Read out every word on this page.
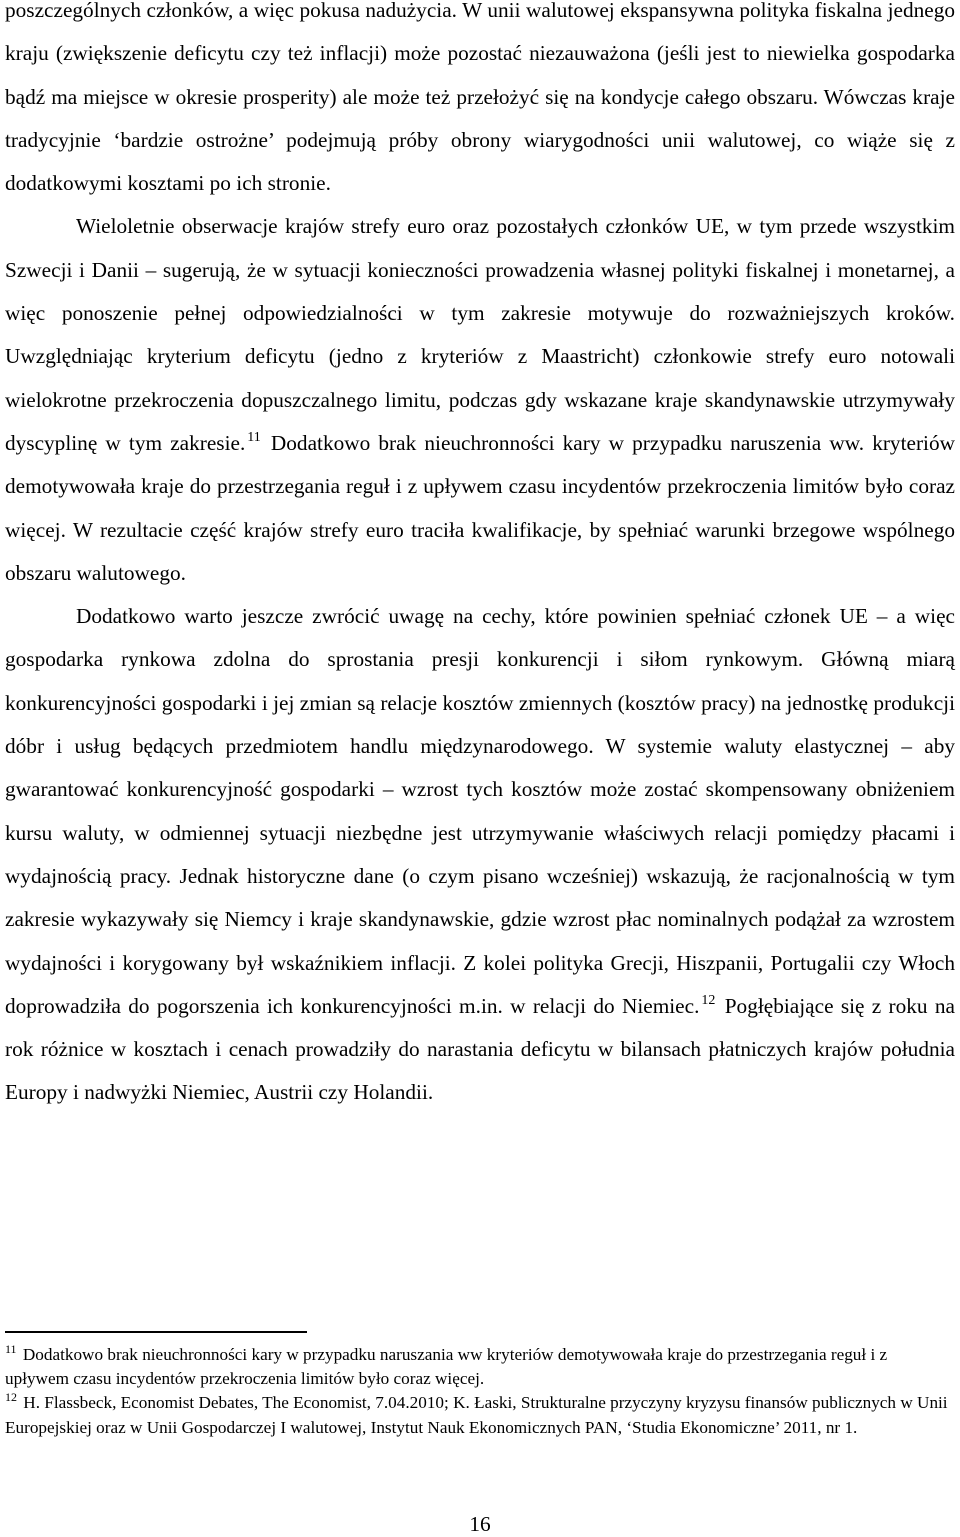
poszczególnych członków, a więc pokusa nadużycia. W unii walutowej ekspansywna polityka fiskalna jednego kraju (zwiększenie deficytu czy też inflacji) może pozostać niezauważona (jeśli jest to niewielka gospodarka bądź ma miejsce w okresie prosperity) ale może też przełożyć się na kondycje całego obszaru. Wówczas kraje tradycyjnie ‘bardzie ostrożne’ podejmują próby obrony wiarygodności unii walutowej, co wiąże się z dodatkowymi kosztami po ich stronie.

Wieloletnie obserwacje krajów strefy euro oraz pozostałych członków UE, w tym przede wszystkim Szwecji i Danii – sugerują, że w sytuacji konieczności prowadzenia własnej polityki fiskalnej i monetarnej, a więc ponoszenie pełnej odpowiedzialności w tym zakresie motywuje do rozważniejszych kroków. Uwzględniając kryterium deficytu (jedno z kryteriów z Maastricht) członkowie strefy euro notowali wielokrotne przekroczenia dopuszczalnego limitu, podczas gdy wskazane kraje skandynawskie utrzymywały dyscyplinę w tym zakresie. $^{11}$ Dodatkowo brak nieuchronności kary w przypadku naruszenia ww. kryteriów demotywowała kraje do przestrzegania reguł i z upływem czasu incydentów przekroczenia limitów było coraz więcej. W rezultacie część krajów strefy euro traciła kwalifikacje, by spełniać warunki brzegowe wspólnego obszaru walutowego.

Dodatkowo warto jeszcze zwrócić uwagę na cechy, które powinien spełniać członek UE – a więc gospodarka rynkowa zdolna do sprostania presji konkurencji i siłom rynkowym. Główną miarą konkurencyjności gospodarki i jej zmian są relacje kosztów zmiennych (kosztów pracy) na jednostkę produkcji dóbr i usług będących przedmiotem handlu międzynarodowego. W systemie waluty elastycznej – aby gwarantować konkurencyjność gospodarki – wzrost tych kosztów może zostać skompensowany obniżeniem kursu waluty, w odmiennej sytuacji niezbędne jest utrzymywanie właściwych relacji pomiędzy płacami i wydajnością pracy. Jednak historyczne dane (o czym pisano wcześniej) wskazują, że racjonalnością w tym zakresie wykazywały się Niemcy i kraje skandynawskie, gdzie wzrost płac nominalnych podążał za wzrostem wydajności i korygowany był wskaźnikiem inflacji. Z kolei polityka Grecji, Hiszpanii, Portugalii czy Włoch doprowadziła do pogorszenia ich konkurencyjności m.in. w relacji do Niemiec. $^{12}$ Pogłębiające się z roku na rok różnice w kosztach i cenach prowadziły do narastania deficytu w bilansach płatniczych krajów południa Europy i nadwyżki Niemiec, Austrii czy Holandii.

$^{11}$ Dodatkowo brak nieuchronności kary w przypadku naruszania ww kryteriów demotywowała kraje do przestrzegania reguł i z upływem czasu incydentów przekroczenia limitów było coraz więcej.

$^{12}$ H. Flassbeck, Economist Debates, The Economist, 7.04.2010; K. Łaski, Strukturalne przyczyny kryzysu finansów publicznych w Unii Europejskiej oraz w Unii Gospodarczej I walutowej, Instytut Nauk Ekonomicznych PAN, ‘Studia Ekonomiczne’ 2011, nr 1.

16
